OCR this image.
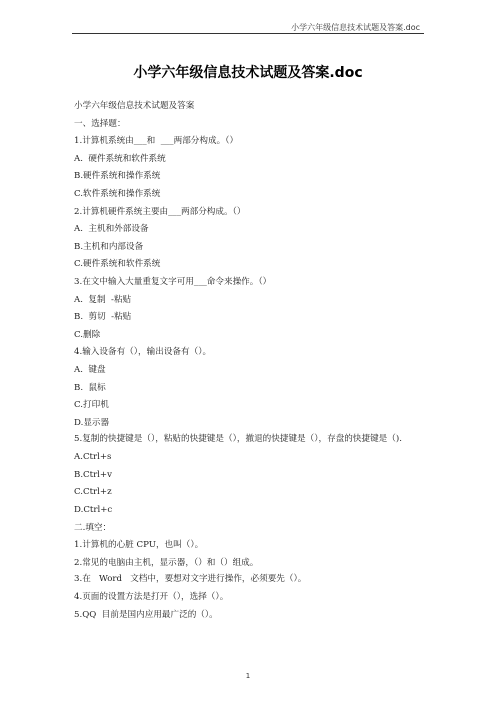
小学六年级信息技术试题及答案.doc
小学六年级信息技术试题及答案.doc
小学六年级信息技术试题及答案
一、选择题：
1.计算机系统由___和  ___两部分构成。（）
A.  硬件系统和软件系统
B.硬件系统和操作系统
C.软件系统和操作系统
2.计算机硬件系统主要由___两部分构成。（）
A.  主机和外部设备
B.主机和内部设备
C.硬件系统和软件系统
3.在文中输入大量重复文字可用___命令来操作。（）
A.  复制  -粘贴
B.  剪切  -粘贴
C.删除
4.输入设备有（），输出设备有（）。
A.  键盘
B.  鼠标
C.打印机
D.显示器
5.复制的快捷键是（），粘贴的快捷键是（），撤退的快捷键是（），存盘的快捷键是（).
A.Ctrl+s
B.Ctrl+v
C.Ctrl+z
D.Ctrl+c
二.填空：
1.计算机的心脏 CPU，也叫（）。
2.常见的电脑由主机，显示器，（）和（）组成。
3.在   Word   文档中，要想对文字进行操作，必须要先（）。
4.页面的设置方法是打开（），选择（）。
5.QQ  目前是国内应用最广泛的（）。
1
